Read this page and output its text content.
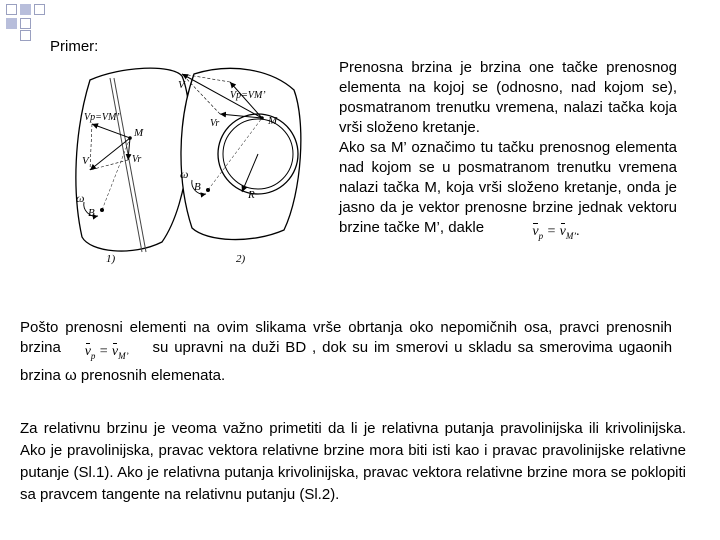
Primer:
Vp=VM’
M
V	Vr
ω
B
1)
V
Vp=VM’
Vr	M
ω
B
R
2)

Prenosna brzina je brzina one tačke prenosnog elementa na kojoj se (odnosno, nad kojom se), posmatranom trenutku vremena, nalazi tačka koja vrši složeno kretanje.

Ako sa M’ označimo tu tačku prenosnog elementa nad kojom se u posmatranom trenutku vremena nalazi tačka M, koja vrši složeno kretanje, onda je jasno da je vektor prenosne brzine jednak vektoru brzine tačke M’, dakle	$v_p = v_{M’}$.

Pošto prenosni elementi na ovim slikama vrše obrtanja oko nepomičnih osa, pravci prenosnih brzina $v_p = v_{M’}$ su upravni na duži BD , dok su im smerovi u skladu sa smerovima ugaonih brzina ω prenosnih elemenata.
Za relativnu brzinu je veoma važno primetiti da li je relativna putanja pravolinijska ili krivolinijska. Ako je pravolinijska, pravac vektora relativne brzine mora biti isti kao i pravac pravolinijske relativne putanje (Sl.1). Ako je relativna putanja krivolinijska, pravac vektora relativne brzine mora se poklopiti sa pravcem tangente na relativnu putanju (Sl.2).
